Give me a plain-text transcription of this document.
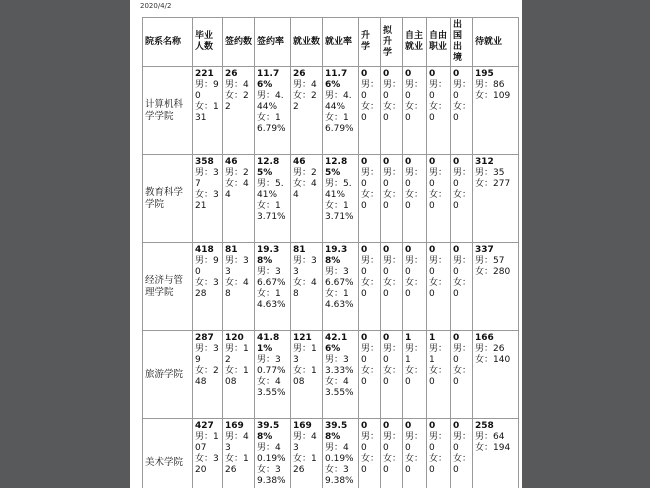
2020/4/2
院系名称	毕业人数	签约数	签约率	就业数	就业率	升学	拟升学	自主就业	自由职业	出国出境	待就业
计算机科学学院	221
男：90
女：131	26
男：4
女：22	11.76%
男：4.44%
女：16.79%	26
男：4
女：22	11.76%
男：4.44%
女：16.79%	0
男：0
女：0	0
男：0
女：0	0
男：0
女：0	0
男：0
女：0	0
男：0
女：0	195
男：86
女：109

教育科学学院	358
男：37
女：321	46
男：2
女：44	12.85%
男：5.41%
女：13.71%	46
男：2
女：44	12.85%
男：5.41%
女：13.71%	0
男：0
女：0	0
男：0
女：0	0
男：0
女：0	0
男：0
女：0	0
男：0
女：0	312
男：35
女：277

经济与管理学院	418
男：90
女：328	81
男：33
女：48	19.38%
男：36.67%
女：14.63%	81
男：33
女：48	19.38%
男：36.67%
女：14.63%	0
男：0
女：0	0
男：0
女：0	0
男：0
女：0	0
男：0
女：0	0
男：0
女：0	337
男：57
女：280

旅游学院	287
男：39
女：248	120
男：12
女：108	41.81%
男：30.77%
女：43.55%	121
男：13
女：108	42.16%
男：33.33%
女：43.55%	0
男：0
女：0	0
男：0
女：0	1
男：1
女：0	1
男：1
女：0	0
男：0
女：0	166
男：26
女：140

美术学院	427
男：107
女：320	169
男：43
女：126	39.58%
男：40.19%
女：39.38%	169
男：43
女：126	39.58%
男：40.19%
女：39.38%	0
男：0
女：0	0
男：0
女：0	0
男：0
女：0	0
男：0
女：0	0
男：0
女：0	258
男：64
女：194
